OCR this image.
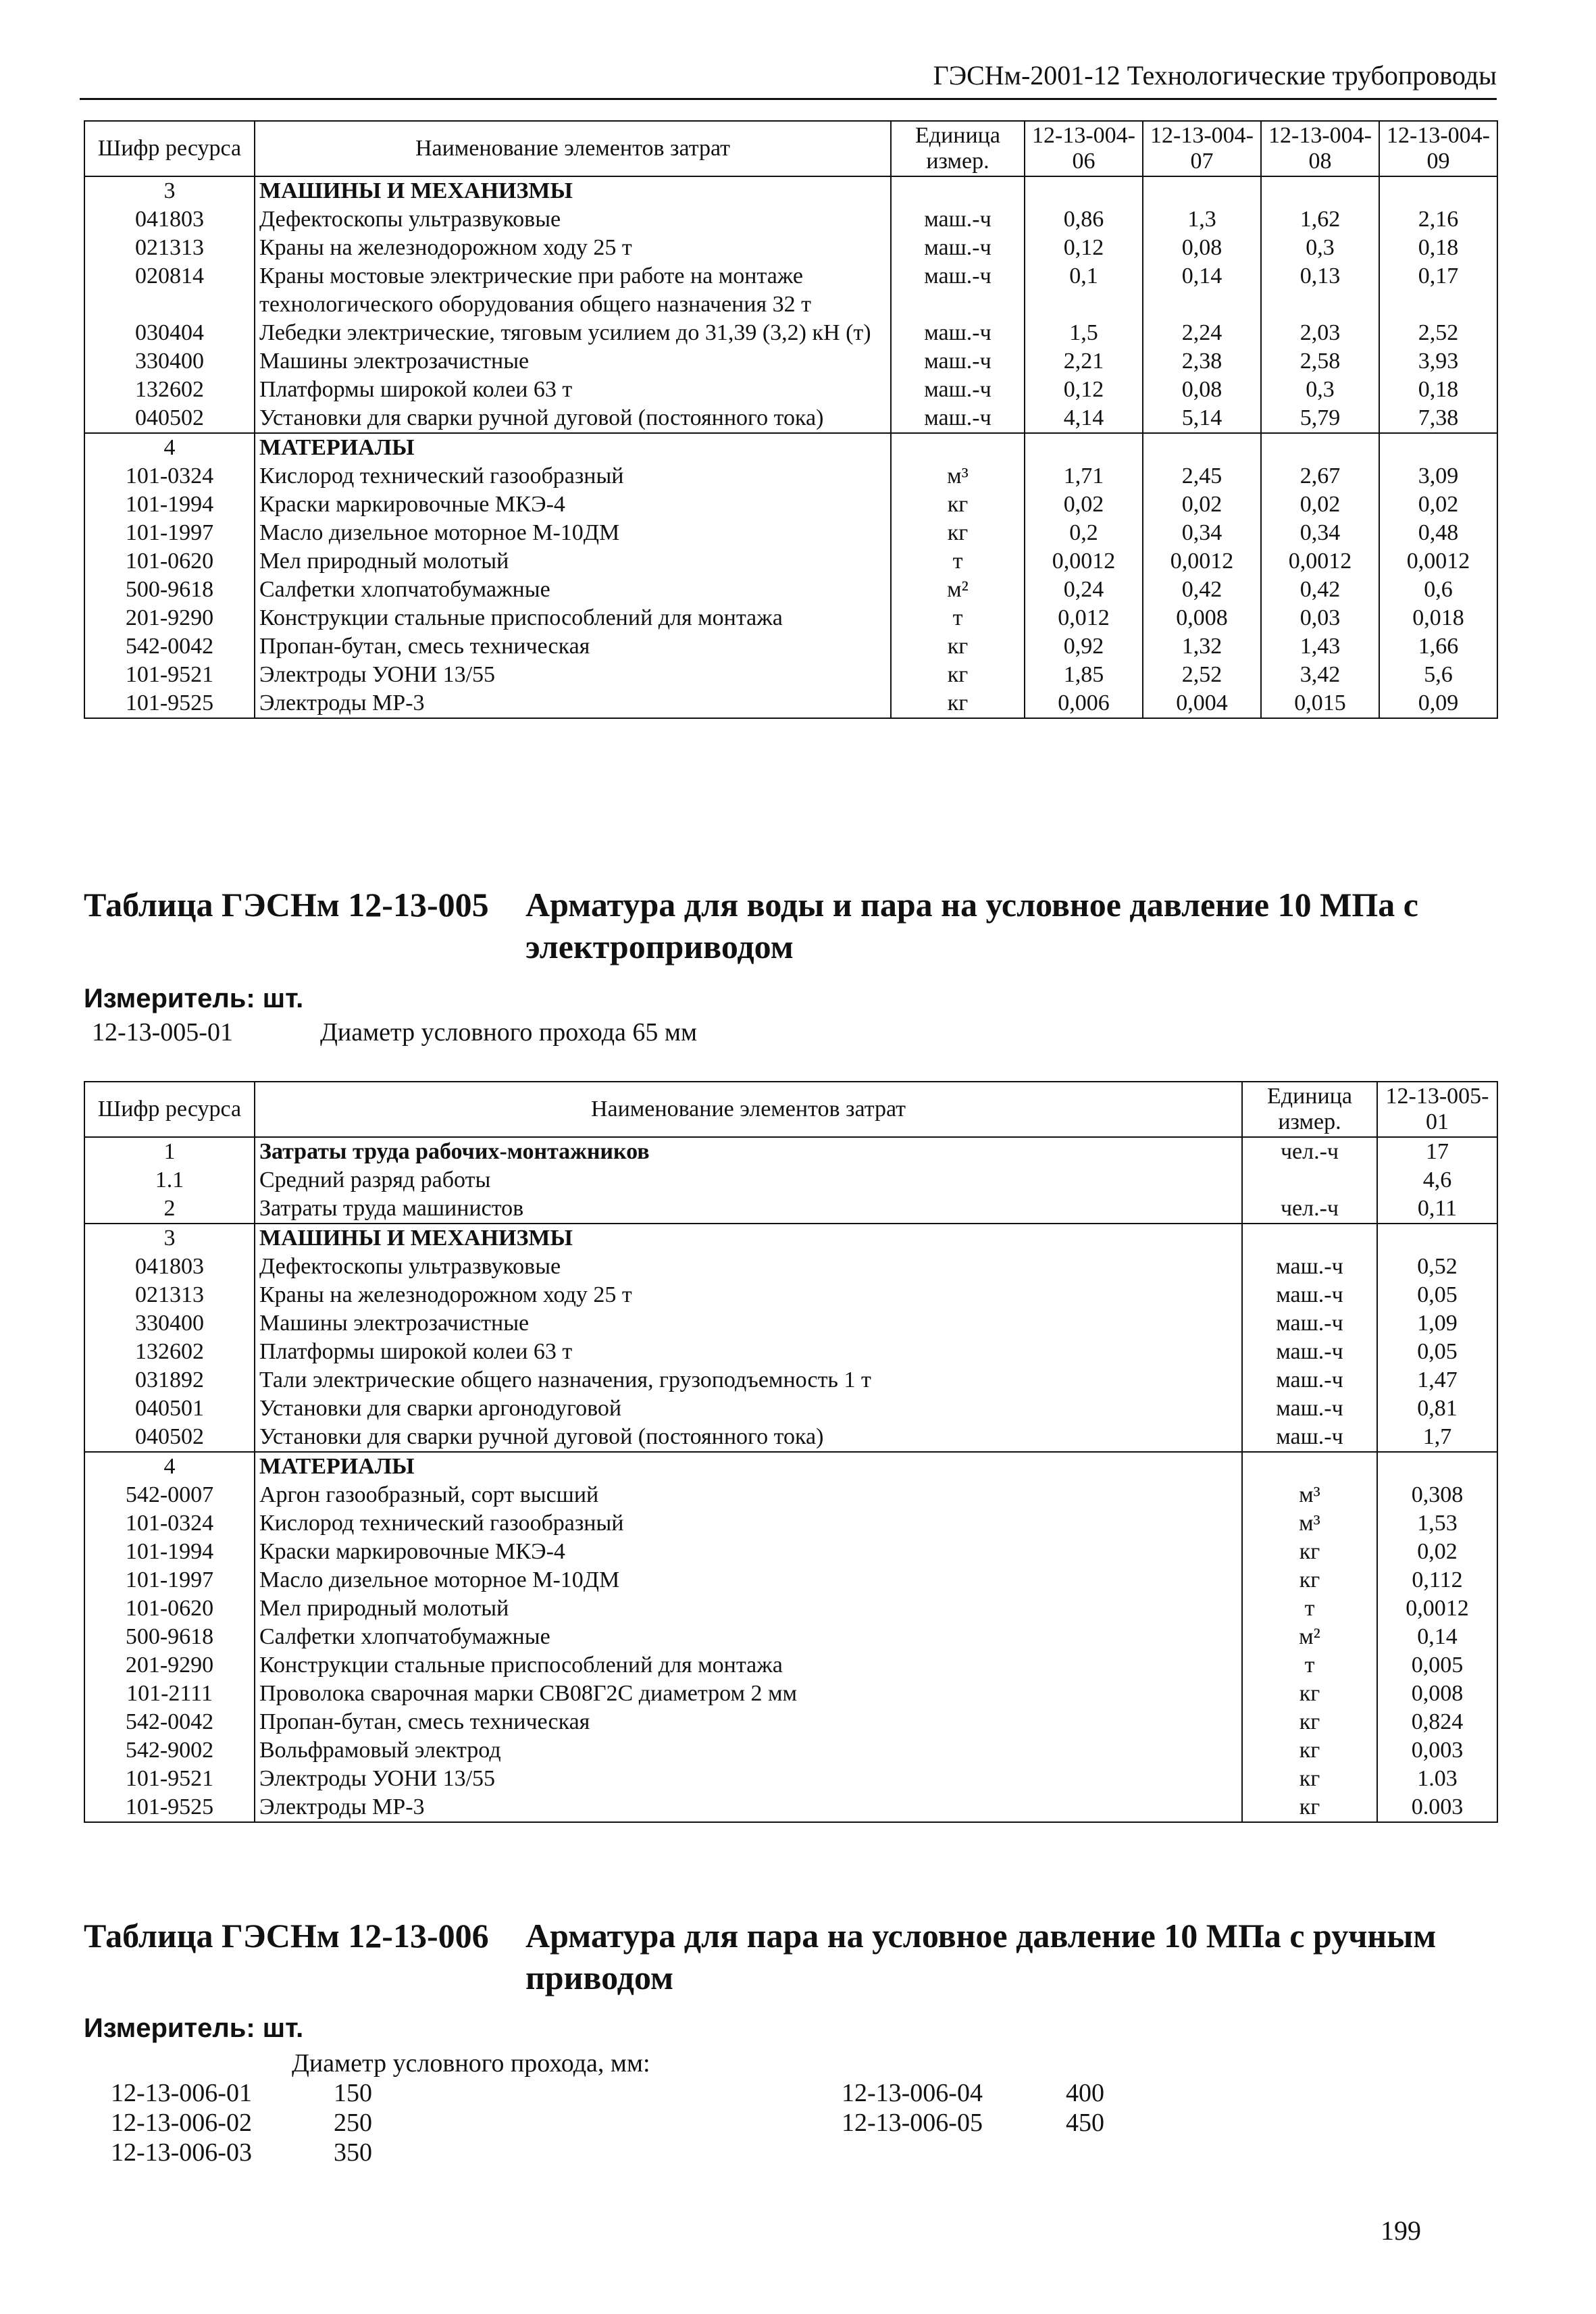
ГЭСНм-2001-12 Технологические трубопроводы
Шифр ресурса	Наименование элементов затрат	Единица измер.	12-13-004-06	12-13-004-07	12-13-004-08	12-13-004-09
3	МАШИНЫ И МЕХАНИЗМЫ					
041803	Дефектоскопы ультразвуковые	маш.-ч	0,86	1,3	1,62	2,16
021313	Краны на железнодорожном ходу 25 т	маш.-ч	0,12	0,08	0,3	0,18
020814	Краны мостовые электрические при работе на монтаже технологического оборудования общего назначения 32 т	маш.-ч	0,1	0,14	0,13	0,17
030404	Лебедки электрические, тяговым усилием до 31,39 (3,2) кН (т)	маш.-ч	1,5	2,24	2,03	2,52
330400	Машины электрозачистные	маш.-ч	2,21	2,38	2,58	3,93
132602	Платформы широкой колеи 63 т	маш.-ч	0,12	0,08	0,3	0,18
040502	Установки для сварки ручной дуговой (постоянного тока)	маш.-ч	4,14	5,14	5,79	7,38
4	МАТЕРИАЛЫ					
101-0324	Кислород технический газообразный	м³	1,71	2,45	2,67	3,09
101-1994	Краски маркировочные МКЭ-4	кг	0,02	0,02	0,02	0,02
101-1997	Масло дизельное моторное М-10ДМ	кг	0,2	0,34	0,34	0,48
101-0620	Мел природный молотый	т	0,0012	0,0012	0,0012	0,0012
500-9618	Салфетки хлопчатобумажные	м²	0,24	0,42	0,42	0,6
201-9290	Конструкции стальные приспособлений для монтажа	т	0,012	0,008	0,03	0,018
542-0042	Пропан-бутан, смесь техническая	кг	0,92	1,32	1,43	1,66
101-9521	Электроды УОНИ 13/55	кг	1,85	2,52	3,42	5,6
101-9525	Электроды МР-3	кг	0,006	0,004	0,015	0,09
Таблица ГЭСНм 12-13-005 Арматура для воды и пара на условное давление 10 МПа с электроприводом
Измеритель: шт.
12-13-005-01	Диаметр условного прохода 65 мм
Шифр ресурса	Наименование элементов затрат	Единица измер.	12-13-005-01
1	Затраты труда рабочих-монтажников	чел.-ч	17
1.1	Средний разряд работы		4,6
2	Затраты труда машинистов	чел.-ч	0,11
3	МАШИНЫ И МЕХАНИЗМЫ		
041803	Дефектоскопы ультразвуковые	маш.-ч	0,52
021313	Краны на железнодорожном ходу 25 т	маш.-ч	0,05
330400	Машины электрозачистные	маш.-ч	1,09
132602	Платформы широкой колеи 63 т	маш.-ч	0,05
031892	Тали электрические общего назначения, грузоподъемность 1 т	маш.-ч	1,47
040501	Установки для сварки аргонодуговой	маш.-ч	0,81
040502	Установки для сварки ручной дуговой (постоянного тока)	маш.-ч	1,7
4	МАТЕРИАЛЫ		
542-0007	Аргон газообразный, сорт высший	м³	0,308
101-0324	Кислород технический газообразный	м³	1,53
101-1994	Краски маркировочные МКЭ-4	кг	0,02
101-1997	Масло дизельное моторное М-10ДМ	кг	0,112
101-0620	Мел природный молотый	т	0,0012
500-9618	Салфетки хлопчатобумажные	м²	0,14
201-9290	Конструкции стальные приспособлений для монтажа	т	0,005
101-2111	Проволока сварочная марки СВ08Г2С диаметром 2 мм	кг	0,008
542-0042	Пропан-бутан, смесь техническая	кг	0,824
542-9002	Вольфрамовый электрод	кг	0,003
101-9521	Электроды УОНИ 13/55	кг	1.03
101-9525	Электроды МР-3	кг	0.003
Таблица ГЭСНм 12-13-006 Арматура для пара на условное давление 10 МПа с ручным приводом
Измеритель: шт.
Диаметр условного прохода, мм:
12-13-006-01	150
12-13-006-02	250
12-13-006-03	350
12-13-006-04	400
12-13-006-05	450
199
